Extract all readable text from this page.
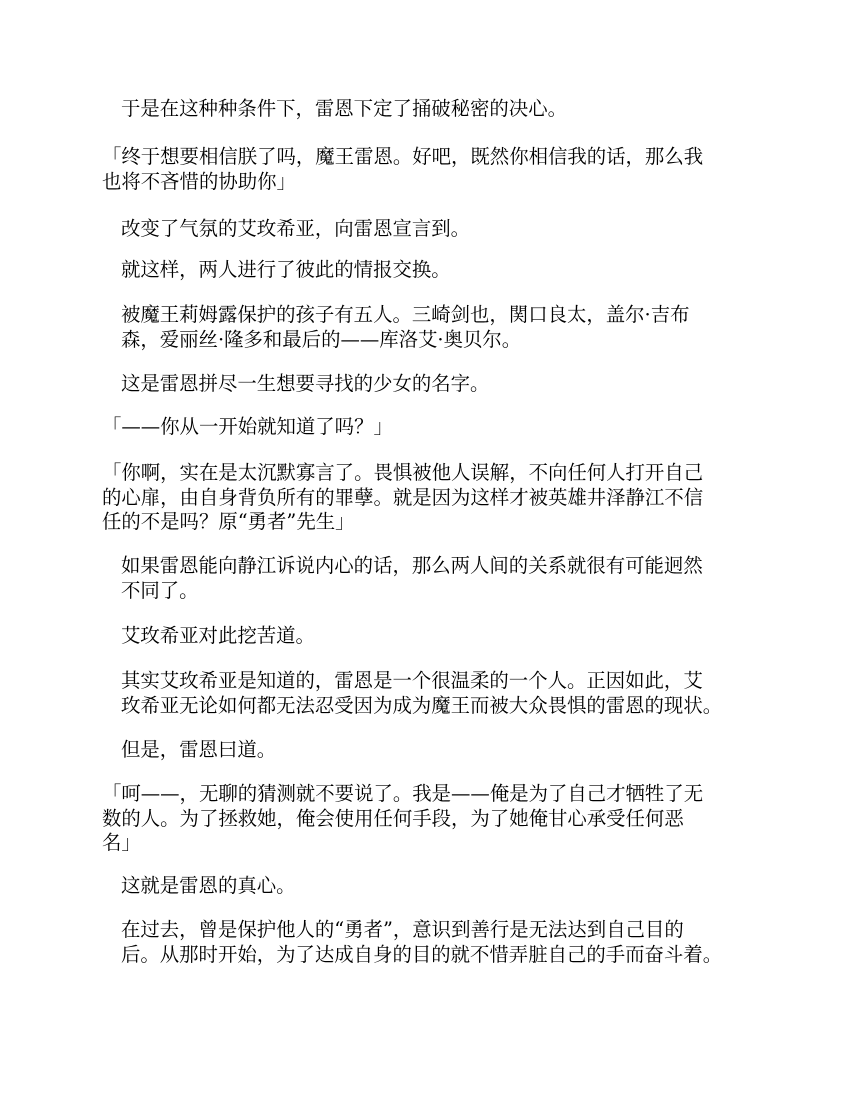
于是在这种种条件下，雷恩下定了捅破秘密的决心。

「终于想要相信朕了吗，魔王雷恩。好吧，既然你相信我的话，那么我
也将不吝惜的协助你」

改变了气氛的艾玫希亚，向雷恩宣言到。

就这样，两人进行了彼此的情报交换。

被魔王莉姆露保护的孩子有五人。三崎剑也，関口良太，盖尔·吉布
森，爱丽丝·隆多和最后的——库洛艾·奥贝尔。

这是雷恩拼尽一生想要寻找的少女的名字。

「——你从一开始就知道了吗？」

「你啊，实在是太沉默寡言了。畏惧被他人误解，不向任何人打开自己
的心扉，由自身背负所有的罪孽。就是因为这样才被英雄井泽静江不信
任的不是吗？原“勇者”先生」

如果雷恩能向静江诉说内心的话，那么两人间的关系就很有可能迥然
不同了。

艾玫希亚对此挖苦道。

其实艾玫希亚是知道的，雷恩是一个很温柔的一个人。正因如此，艾
玫希亚无论如何都无法忍受因为成为魔王而被大众畏惧的雷恩的现状。

但是，雷恩曰道。

「呵——，无聊的猜测就不要说了。我是——俺是为了自己才牺牲了无
数的人。为了拯救她，俺会使用任何手段，为了她俺甘心承受任何恶
名」

这就是雷恩的真心。

在过去，曾是保护他人的“勇者”，意识到善行是无法达到自己目的
后。从那时开始，为了达成自身的目的就不惜弄脏自己的手而奋斗着。
